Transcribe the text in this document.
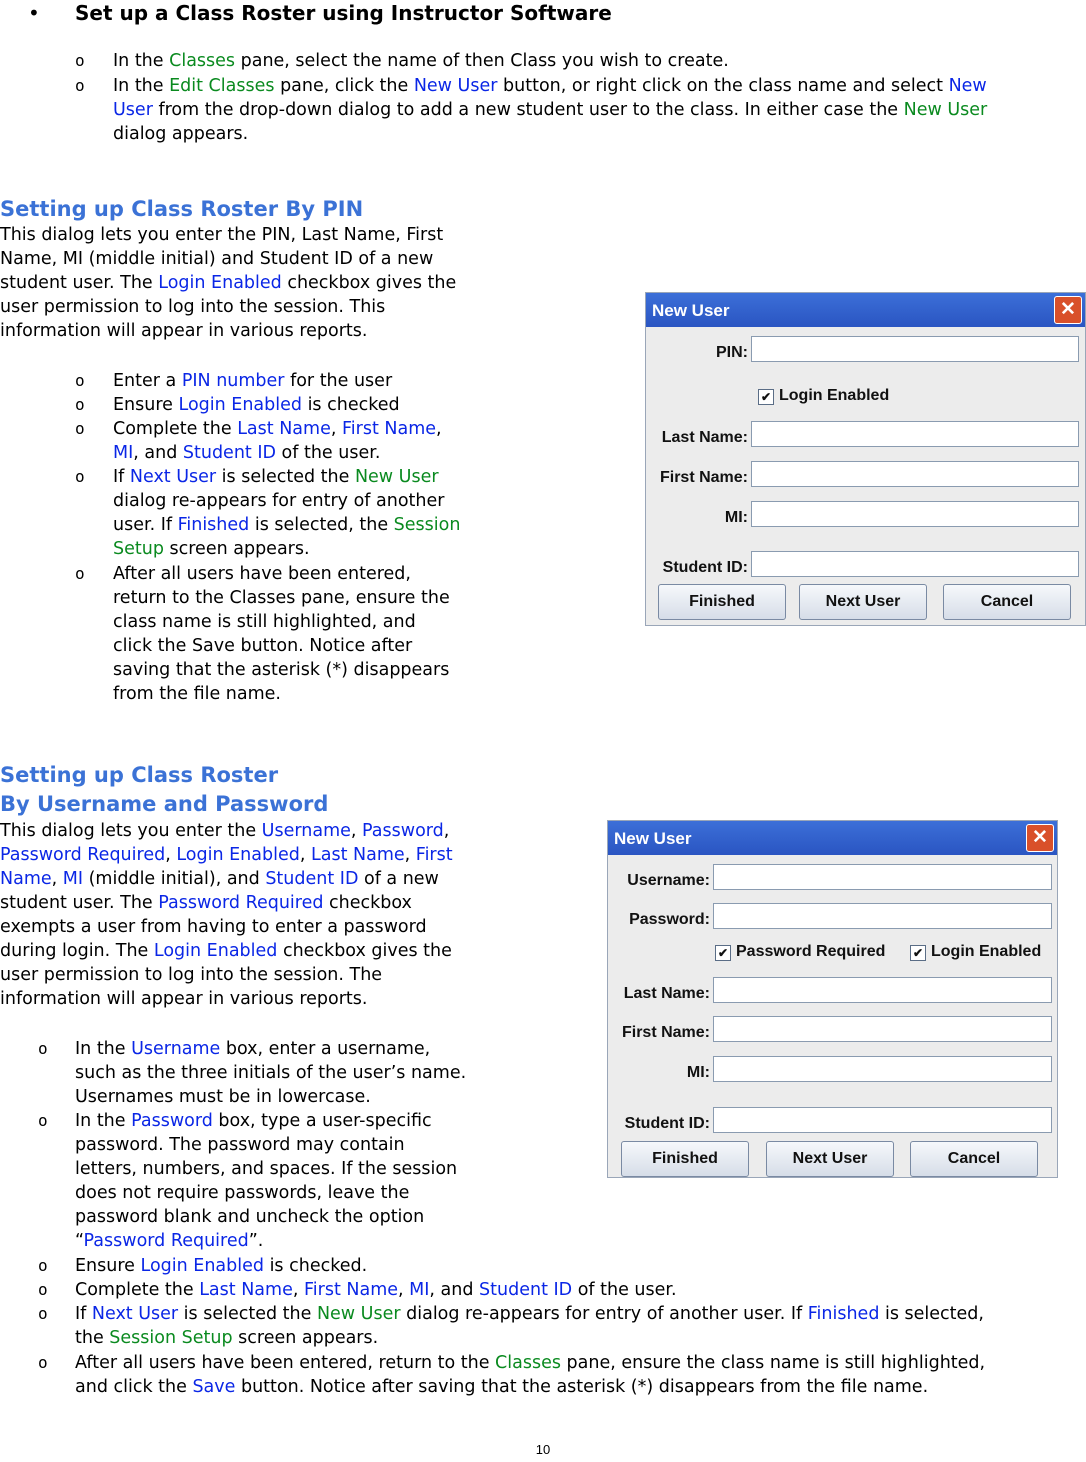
• Set up a Class Roster using Instructor Software
o In the Classes pane, select the name of then Class you wish to create.

o In the Edit Classes pane, click the New User button, or right click on the class name and select New
User from the drop-down dialog to add a new student user to the class. In either case the New User
dialog appears.

Setting up Class Roster By PIN

This dialog lets you enter the PIN, Last Name, First
Name, MI (middle initial) and Student ID of a new
student user. The Login Enabled checkbox gives the
user permission to log into the session. This
information will appear in various reports.

o Enter a PIN number for the user

o Ensure Login Enabled is checked

o Complete the Last Name, First Name,
MI, and Student ID of the user.

o If Next User is selected the New User
dialog re-appears for entry of another
user. If Finished is selected, the Session
Setup screen appears.

o After all users have been entered,
return to the Classes pane, ensure the
class name is still highlighted, and
click the Save button. Notice after
saving that the asterisk (*) disappears
from the file name.

New User	✕
PIN:
✔ Login Enabled
Last Name:
First Name:
MI:
Student ID:
Finished	Next User	Cancel
Setting up Class Roster
By Username and Password

This dialog lets you enter the Username, Password,
Password Required, Login Enabled, Last Name, First
Name, MI (middle initial), and Student ID of a new
student user. The Password Required checkbox
exempts a user from having to enter a password
during login. The Login Enabled checkbox gives the
user permission to log into the session. The
information will appear in various reports.

o In the Username box, enter a username,
such as the three initials of the user’s name.
Usernames must be in lowercase.

o In the Password box, type a user-specific
password. The password may contain
letters, numbers, and spaces. If the session
does not require passwords, leave the
password blank and uncheck the option
“Password Required”.

o Ensure Login Enabled is checked.

o Complete the Last Name, First Name, MI, and Student ID of the user.

o If Next User is selected the New User dialog re-appears for entry of another user. If Finished is selected,
the Session Setup screen appears.

o After all users have been entered, return to the Classes pane, ensure the class name is still highlighted,
and click the Save button. Notice after saving that the asterisk (*) disappears from the file name.

New User	✕
Username:
Password:
✔ Password Required ✔ Login Enabled
Last Name:
First Name:
MI:
Student ID:
Finished	Next User	Cancel
10
